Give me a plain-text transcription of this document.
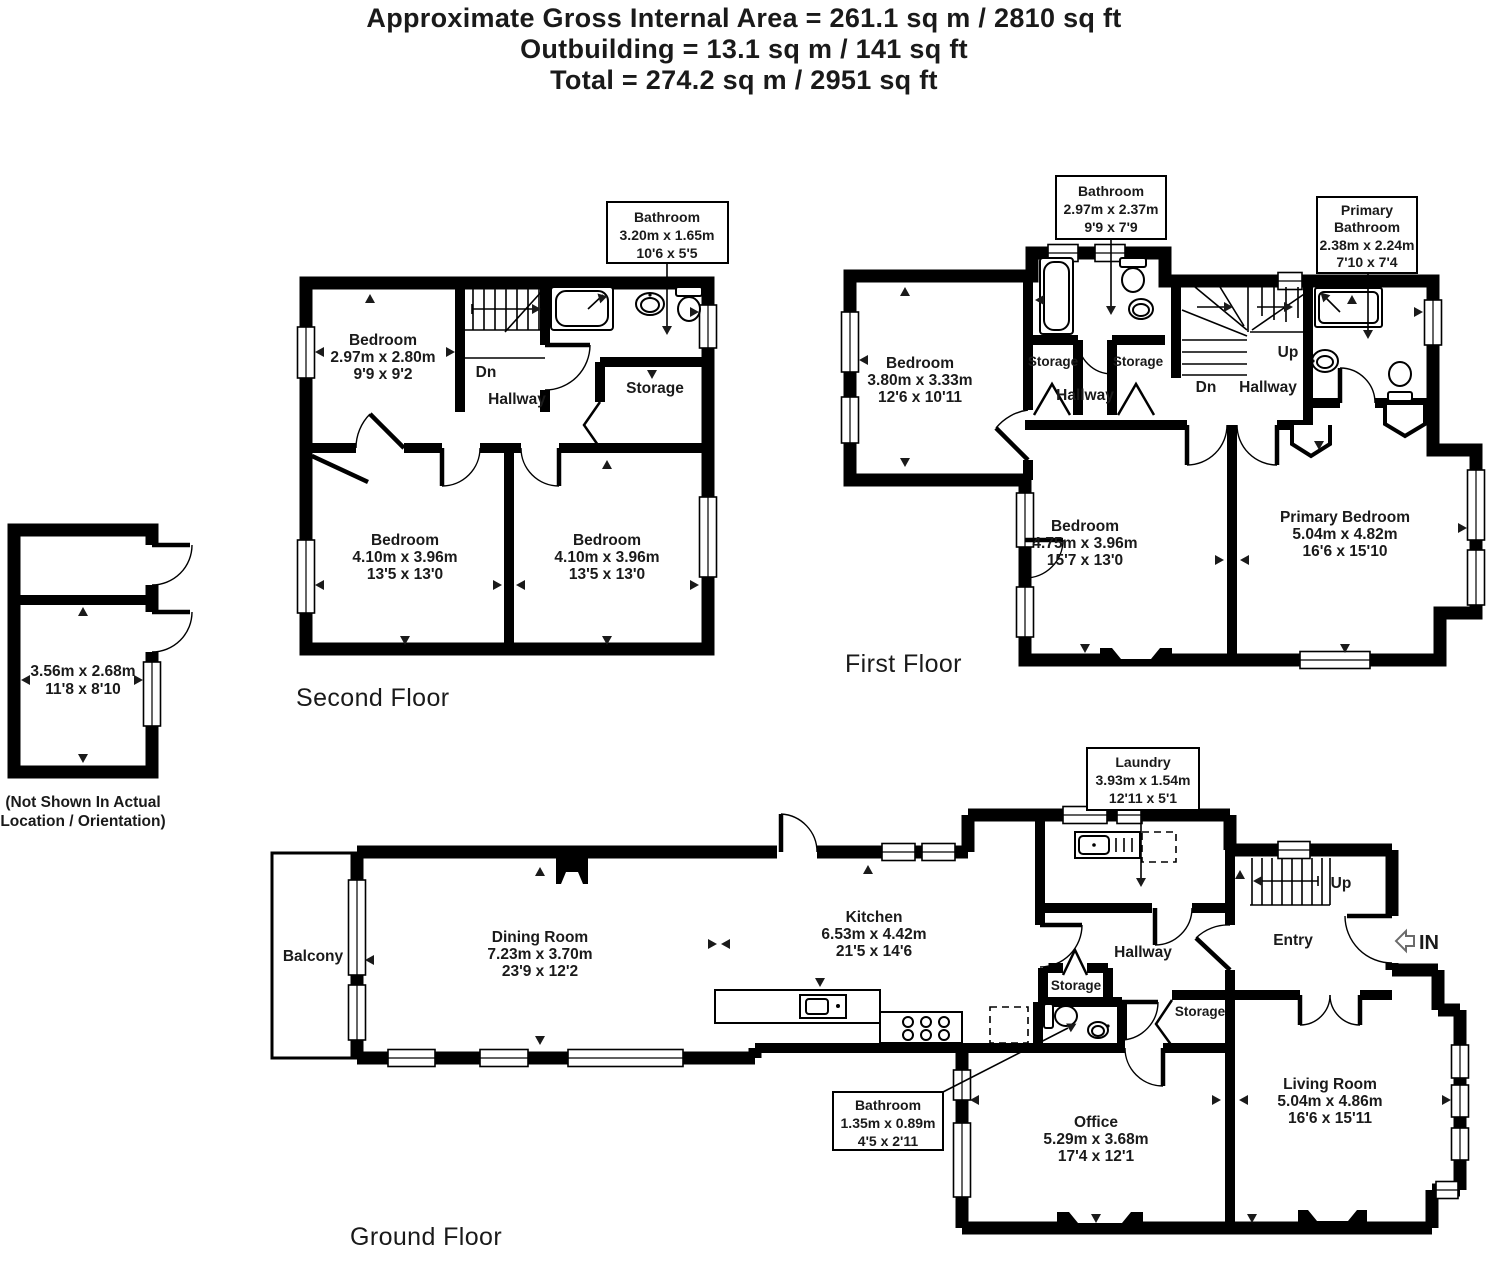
Approximate Gross Internal Area = 261.1 sq m / 2810 sq ft
Outbuilding = 13.1 sq m / 141 sq ft
Total = 274.2 sq m / 2951 sq ft
Bathroom
3.20m x 1.65m
10'6 x 5'5
Bedroom
2.97m x 2.80m
9'9 x 9'2	Dn
Hallway
Storage
Bedroom
4.10m x 3.96m
13'5 x 13'0
Bedroom
4.10m x 3.96m
13'5 x 13'0
Second Floor
Bathroom
2.97m x 2.37m
9'9 x 7'9
Primary
Bathroom
2.38m x 2.24m
7'10 x 7'4
Bedroom
3.80m x 3.33m
12'6 x 10'11
Storage	Storage
Hallway	Dn Hallway
Up
Bedroom
4.75m x 3.96m
15'7 x 13'0
Primary Bedroom
5.04m x 4.82m
16'6 x 15'10
First Floor
3.56m x 2.68m
11'8 x 8'10
(Not Shown In Actual
Location / Orientation)
Laundry
3.93m x 1.54m
12'11 x 5'1
Bathroom
1.35m x 0.89m
4'5 x 2'11
Balcony
Dining Room
7.23m x 3.70m
23'9 x 12'2
Kitchen
6.53m x 4.42m
21'5 x 14'6	Hallway
Entry
Up
IN
Storage
Storage
Office
5.29m x 3.68m
17'4 x 12'1
Living Room
5.04m x 4.86m
16'6 x 15'11
Ground Floor
